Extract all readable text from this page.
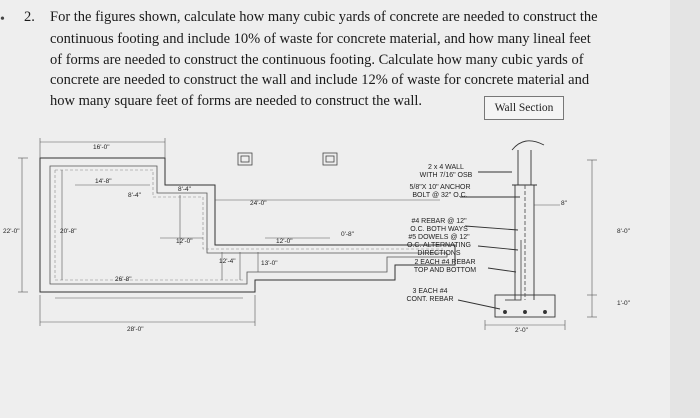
• 2. For the figures shown, calculate how many cubic yards of concrete are needed to construct the
continuous footing and include 10% of waste for concrete material, and how many lineal feet
of forms are needed to construct the continuous footing. Calculate how many cubic yards of
concrete are needed to construct the wall and include 12% of waste for concrete material and
how many square feet of forms are needed to construct the wall.	Wall Section
16'-0"
14'-8"
22'-0"	20'-8"
26'-8"
28'-0"
8'-4"
8'-4"
24'-0"
12'-0"	12'-0"
12'-4"	13'-0"
0'-8"
2 x 4 WALL
WITH 7/16" OSB
5/8"X 10" ANCHOR
BOLT @ 32" O.C.
#4 REBAR @ 12"
O.C. BOTH WAYS
#5 DOWELS @ 12"
O.C. ALTERNATING
DIRECTIONS
2 EACH #4 REBAR
TOP AND BOTTOM
3 EACH #4
CONT. REBAR
8"
8'-0"
1'-0"
2'-0"
